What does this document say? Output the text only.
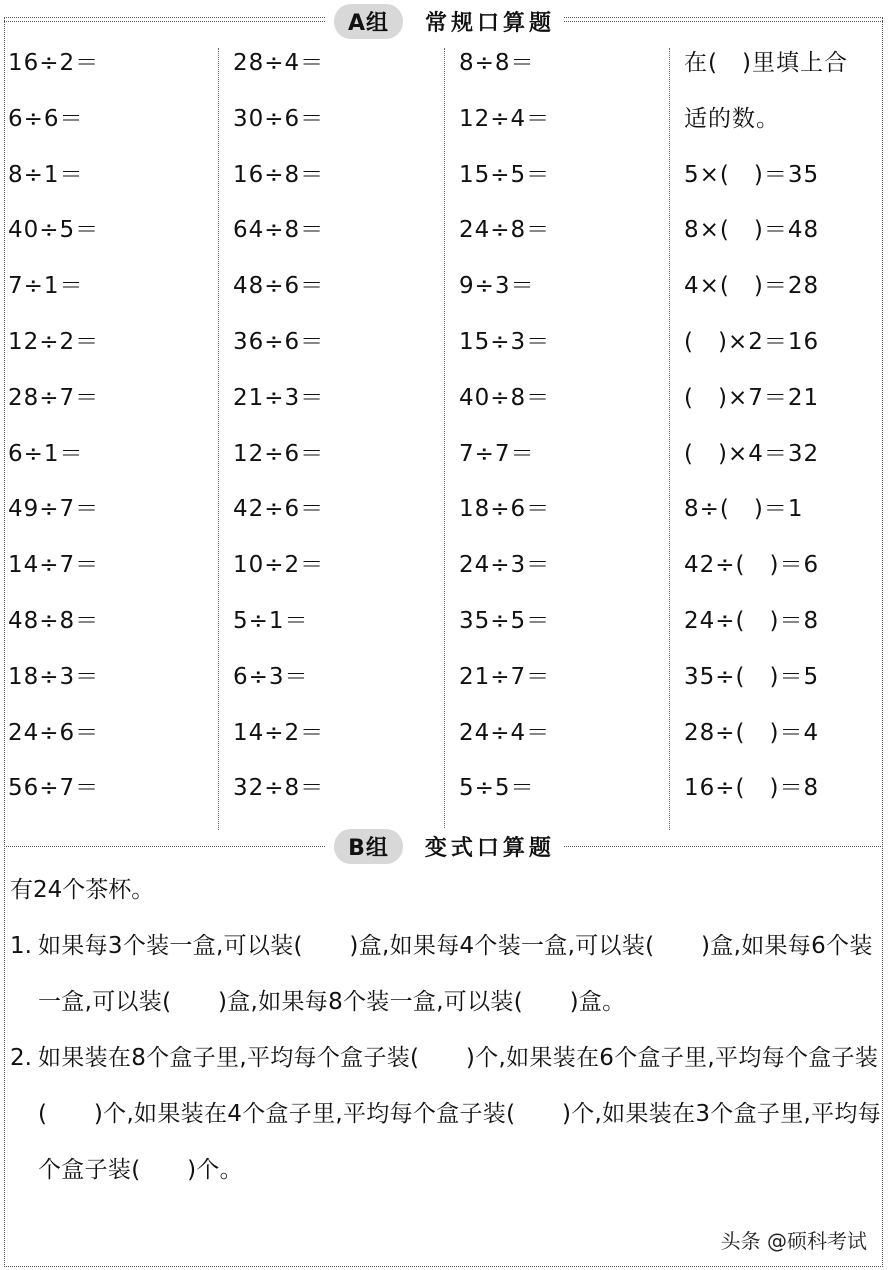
A组	常规口算题
16÷2＝
6÷6＝
8÷1＝
40÷5＝
7÷1＝
12÷2＝
28÷7＝
6÷1＝
49÷7＝
14÷7＝
48÷8＝
18÷3＝
24÷6＝
56÷7＝
28÷4＝
30÷6＝
16÷8＝
64÷8＝
48÷6＝
36÷6＝
21÷3＝
12÷6＝
42÷6＝
10÷2＝
5÷1＝
6÷3＝
14÷2＝
32÷8＝
8÷8＝
12÷4＝
15÷5＝
24÷8＝
9÷3＝
15÷3＝
40÷8＝
7÷7＝
18÷6＝
24÷3＝
35÷5＝
21÷7＝
24÷4＝
5÷5＝
在(　)里填上合
适的数。
5×(　)＝35
8×(　)＝48
4×(　)＝28
(　)×2＝16
(　)×7＝21
(　)×4＝32
8÷(　)＝1
42÷(　)＝6
24÷(　)＝8
35÷(　)＝5
28÷(　)＝4
16÷(　)＝8
B组	变式口算题
有24个茶杯。
1. 如果每3个装一盒,可以装(　　)盒,如果每4个装一盒,可以装(　　)盒,如果每6个装一盒,可以装(　　)盒,如果每8个装一盒,可以装(　　)盒。
2. 如果装在8个盒子里,平均每个盒子装(　　)个,如果装在6个盒子里,平均每个盒子装(　　)个,如果装在4个盒子里,平均每个盒子装(　　)个,如果装在3个盒子里,平均每个盒子装(　　)个。
头条 @硕科考试
